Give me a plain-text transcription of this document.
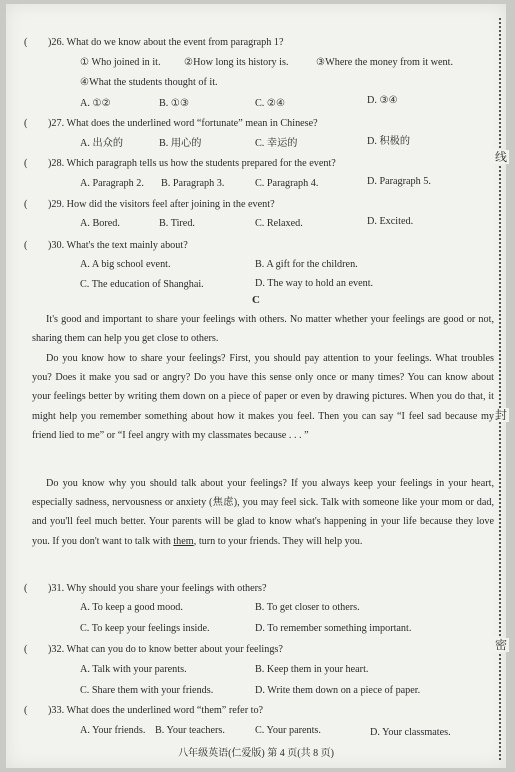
线
封
密
( )26. What do we know about the event from paragraph 1?
① Who joined in it. ②How long its history is.	③Where the money from it went.
④What the students thought of it.
A. ①②	B. ①③	C. ②④	D. ③④
( )27. What does the underlined word “fortunate” mean in Chinese?
A. 出众的	B. 用心的	C. 幸运的	D. 积极的
( )28. Which paragraph tells us how the students prepared for the event?
A. Paragraph 2. B. Paragraph 3.	C. Paragraph 4.	D. Paragraph 5.
( )29. How did the visitors feel after joining in the event?
A. Bored.	B. Tired.	C. Relaxed.	D. Excited.
( )30. What's the text mainly about?
A. A big school event.	B. A gift for the children.
C. The education of Shanghai.	D. The way to hold an event.
C
It's good and important to share your feelings with others. No matter whether your feelings are good or not, sharing them can help you get close to others.
Do you know how to share your feelings? First, you should pay attention to your feelings. What troubles you? Does it make you sad or angry? Do you have this sense only once or many times? You can know about your feelings better by writing them down on a piece of paper or even by drawing pictures. When you do that, it might help you remember something about how it makes you feel. Then you can say “I feel sad because my friend lied to me” or “I feel angry with my classmates because . . . ”
Do you know why you should talk about your feelings? If you always keep your feelings in your heart, especially sadness, nervousness or anxiety (焦虑), you may feel sick. Talk with someone like your mom or dad, and you'll feel much better. Your parents will be glad to know what's happening in your life because they love you. If you don't want to talk with them, turn to your friends. They will help you.
( )31. Why should you share your feelings with others?
A. To keep a good mood.	B. To get closer to others.
C. To keep your feelings inside.	D. To remember something important.
( )32. What can you do to know better about your feelings?
A. Talk with your parents.	B. Keep them in your heart.
C. Share them with your friends.	D. Write them down on a piece of paper.
( )33. What does the underlined word “them” refer to?
A. Your friends. B. Your teachers.	C. Your parents.	D. Your classmates.
八年级英语(仁爱版) 第 4 页(共 8 页)
